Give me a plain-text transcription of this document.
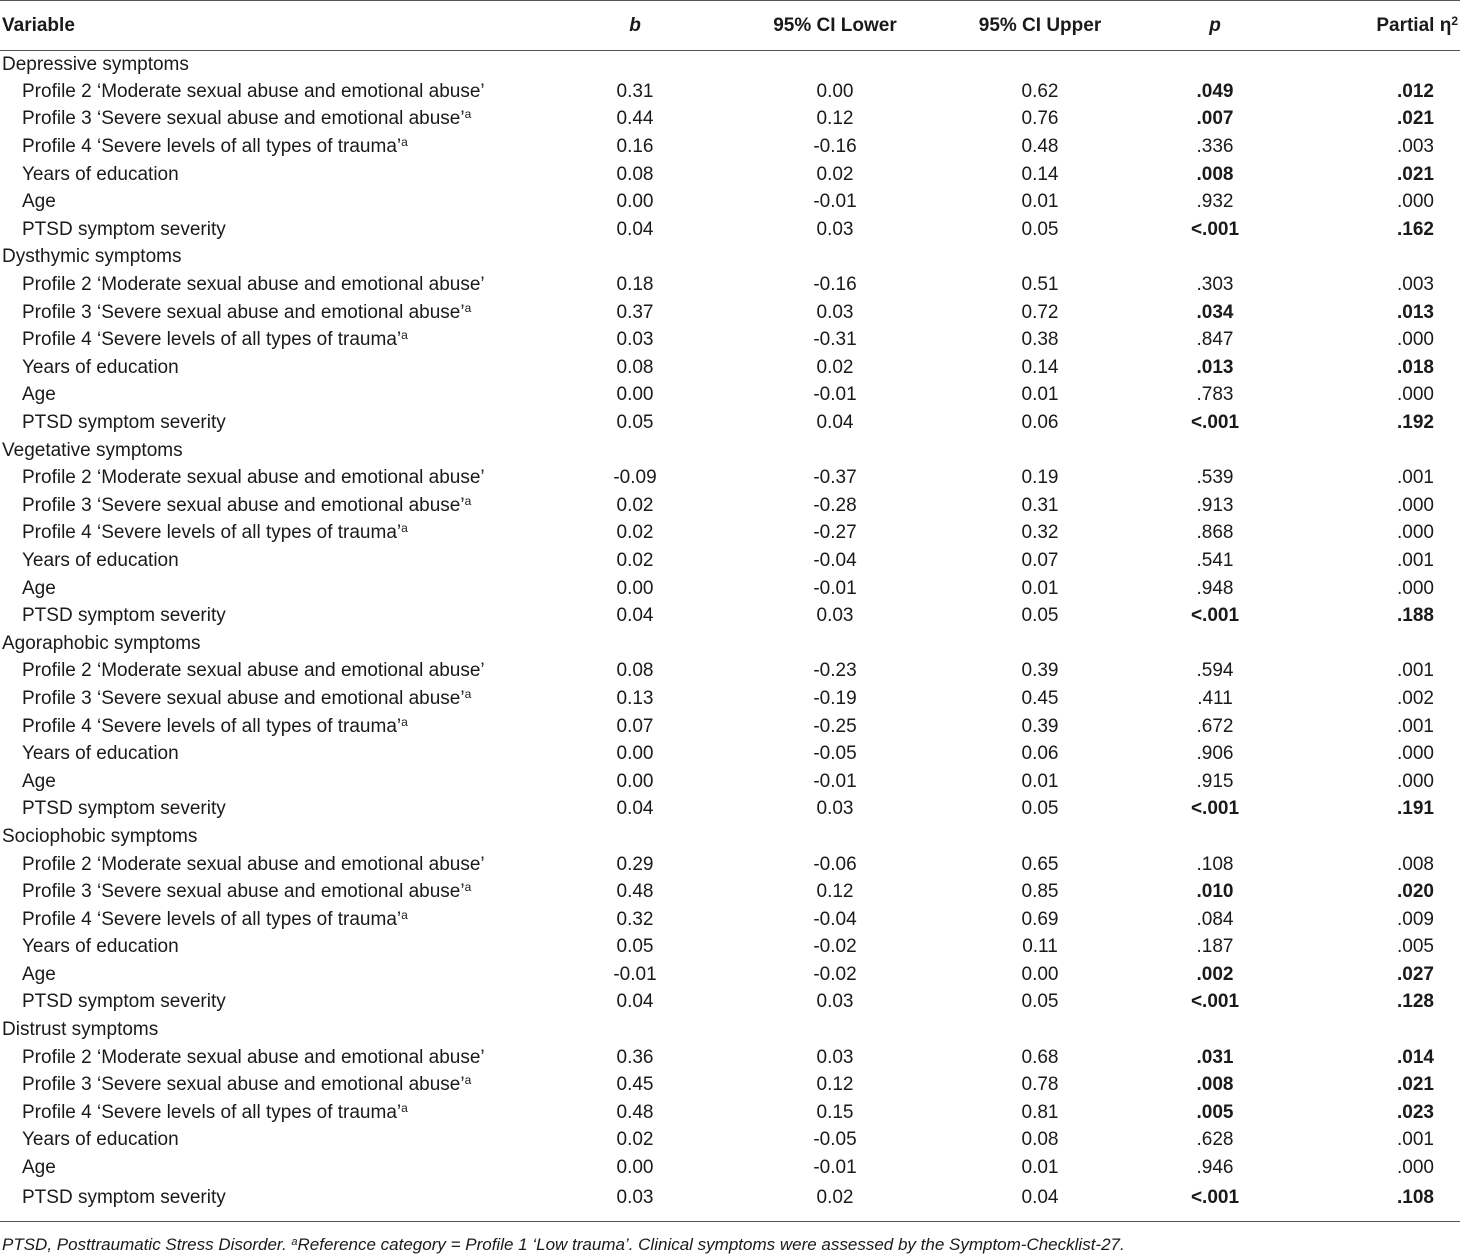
Variable	b	95% CI Lower	95% CI Upper	p	Partial $\eta^2$
Depressive symptoms					
Profile 2 ‘Moderate sexual abuse and emotional abuse’	0.31	0.00	0.62	.049	.012
Profile 3 ‘Severe sexual abuse and emotional abuse’$^a$	0.44	0.12	0.76	.007	.021
Profile 4 ‘Severe levels of all types of trauma’$^a$	0.16	-0.16	0.48	.336	.003
Years of education	0.08	0.02	0.14	.008	.021
Age	0.00	-0.01	0.01	.932	.000
PTSD symptom severity	0.04	0.03	0.05	<.001	.162
Dysthymic symptoms					
Profile 2 ‘Moderate sexual abuse and emotional abuse’	0.18	-0.16	0.51	.303	.003
Profile 3 ‘Severe sexual abuse and emotional abuse’$^a$	0.37	0.03	0.72	.034	.013
Profile 4 ‘Severe levels of all types of trauma’$^a$	0.03	-0.31	0.38	.847	.000
Years of education	0.08	0.02	0.14	.013	.018
Age	0.00	-0.01	0.01	.783	.000
PTSD symptom severity	0.05	0.04	0.06	<.001	.192
Vegetative symptoms					
Profile 2 ‘Moderate sexual abuse and emotional abuse’	-0.09	-0.37	0.19	.539	.001
Profile 3 ‘Severe sexual abuse and emotional abuse’$^a$	0.02	-0.28	0.31	.913	.000
Profile 4 ‘Severe levels of all types of trauma’$^a$	0.02	-0.27	0.32	.868	.000
Years of education	0.02	-0.04	0.07	.541	.001
Age	0.00	-0.01	0.01	.948	.000
PTSD symptom severity	0.04	0.03	0.05	<.001	.188
Agoraphobic symptoms					
Profile 2 ‘Moderate sexual abuse and emotional abuse’	0.08	-0.23	0.39	.594	.001
Profile 3 ‘Severe sexual abuse and emotional abuse’$^a$	0.13	-0.19	0.45	.411	.002
Profile 4 ‘Severe levels of all types of trauma’$^a$	0.07	-0.25	0.39	.672	.001
Years of education	0.00	-0.05	0.06	.906	.000
Age	0.00	-0.01	0.01	.915	.000
PTSD symptom severity	0.04	0.03	0.05	<.001	.191
Sociophobic symptoms					
Profile 2 ‘Moderate sexual abuse and emotional abuse’	0.29	-0.06	0.65	.108	.008
Profile 3 ‘Severe sexual abuse and emotional abuse’$^a$	0.48	0.12	0.85	.010	.020
Profile 4 ‘Severe levels of all types of trauma’$^a$	0.32	-0.04	0.69	.084	.009
Years of education	0.05	-0.02	0.11	.187	.005
Age	-0.01	-0.02	0.00	.002	.027
PTSD symptom severity	0.04	0.03	0.05	<.001	.128
Distrust symptoms					
Profile 2 ‘Moderate sexual abuse and emotional abuse’	0.36	0.03	0.68	.031	.014
Profile 3 ‘Severe sexual abuse and emotional abuse’$^a$	0.45	0.12	0.78	.008	.021
Profile 4 ‘Severe levels of all types of trauma’$^a$	0.48	0.15	0.81	.005	.023
Years of education	0.02	-0.05	0.08	.628	.001
Age	0.00	-0.01	0.01	.946	.000
PTSD symptom severity	0.03	0.02	0.04	<.001	.108
PTSD, Posttraumatic Stress Disorder. $^a$Reference category = Profile 1 ‘Low trauma’. Clinical symptoms were assessed by the Symptom-Checklist-27.
